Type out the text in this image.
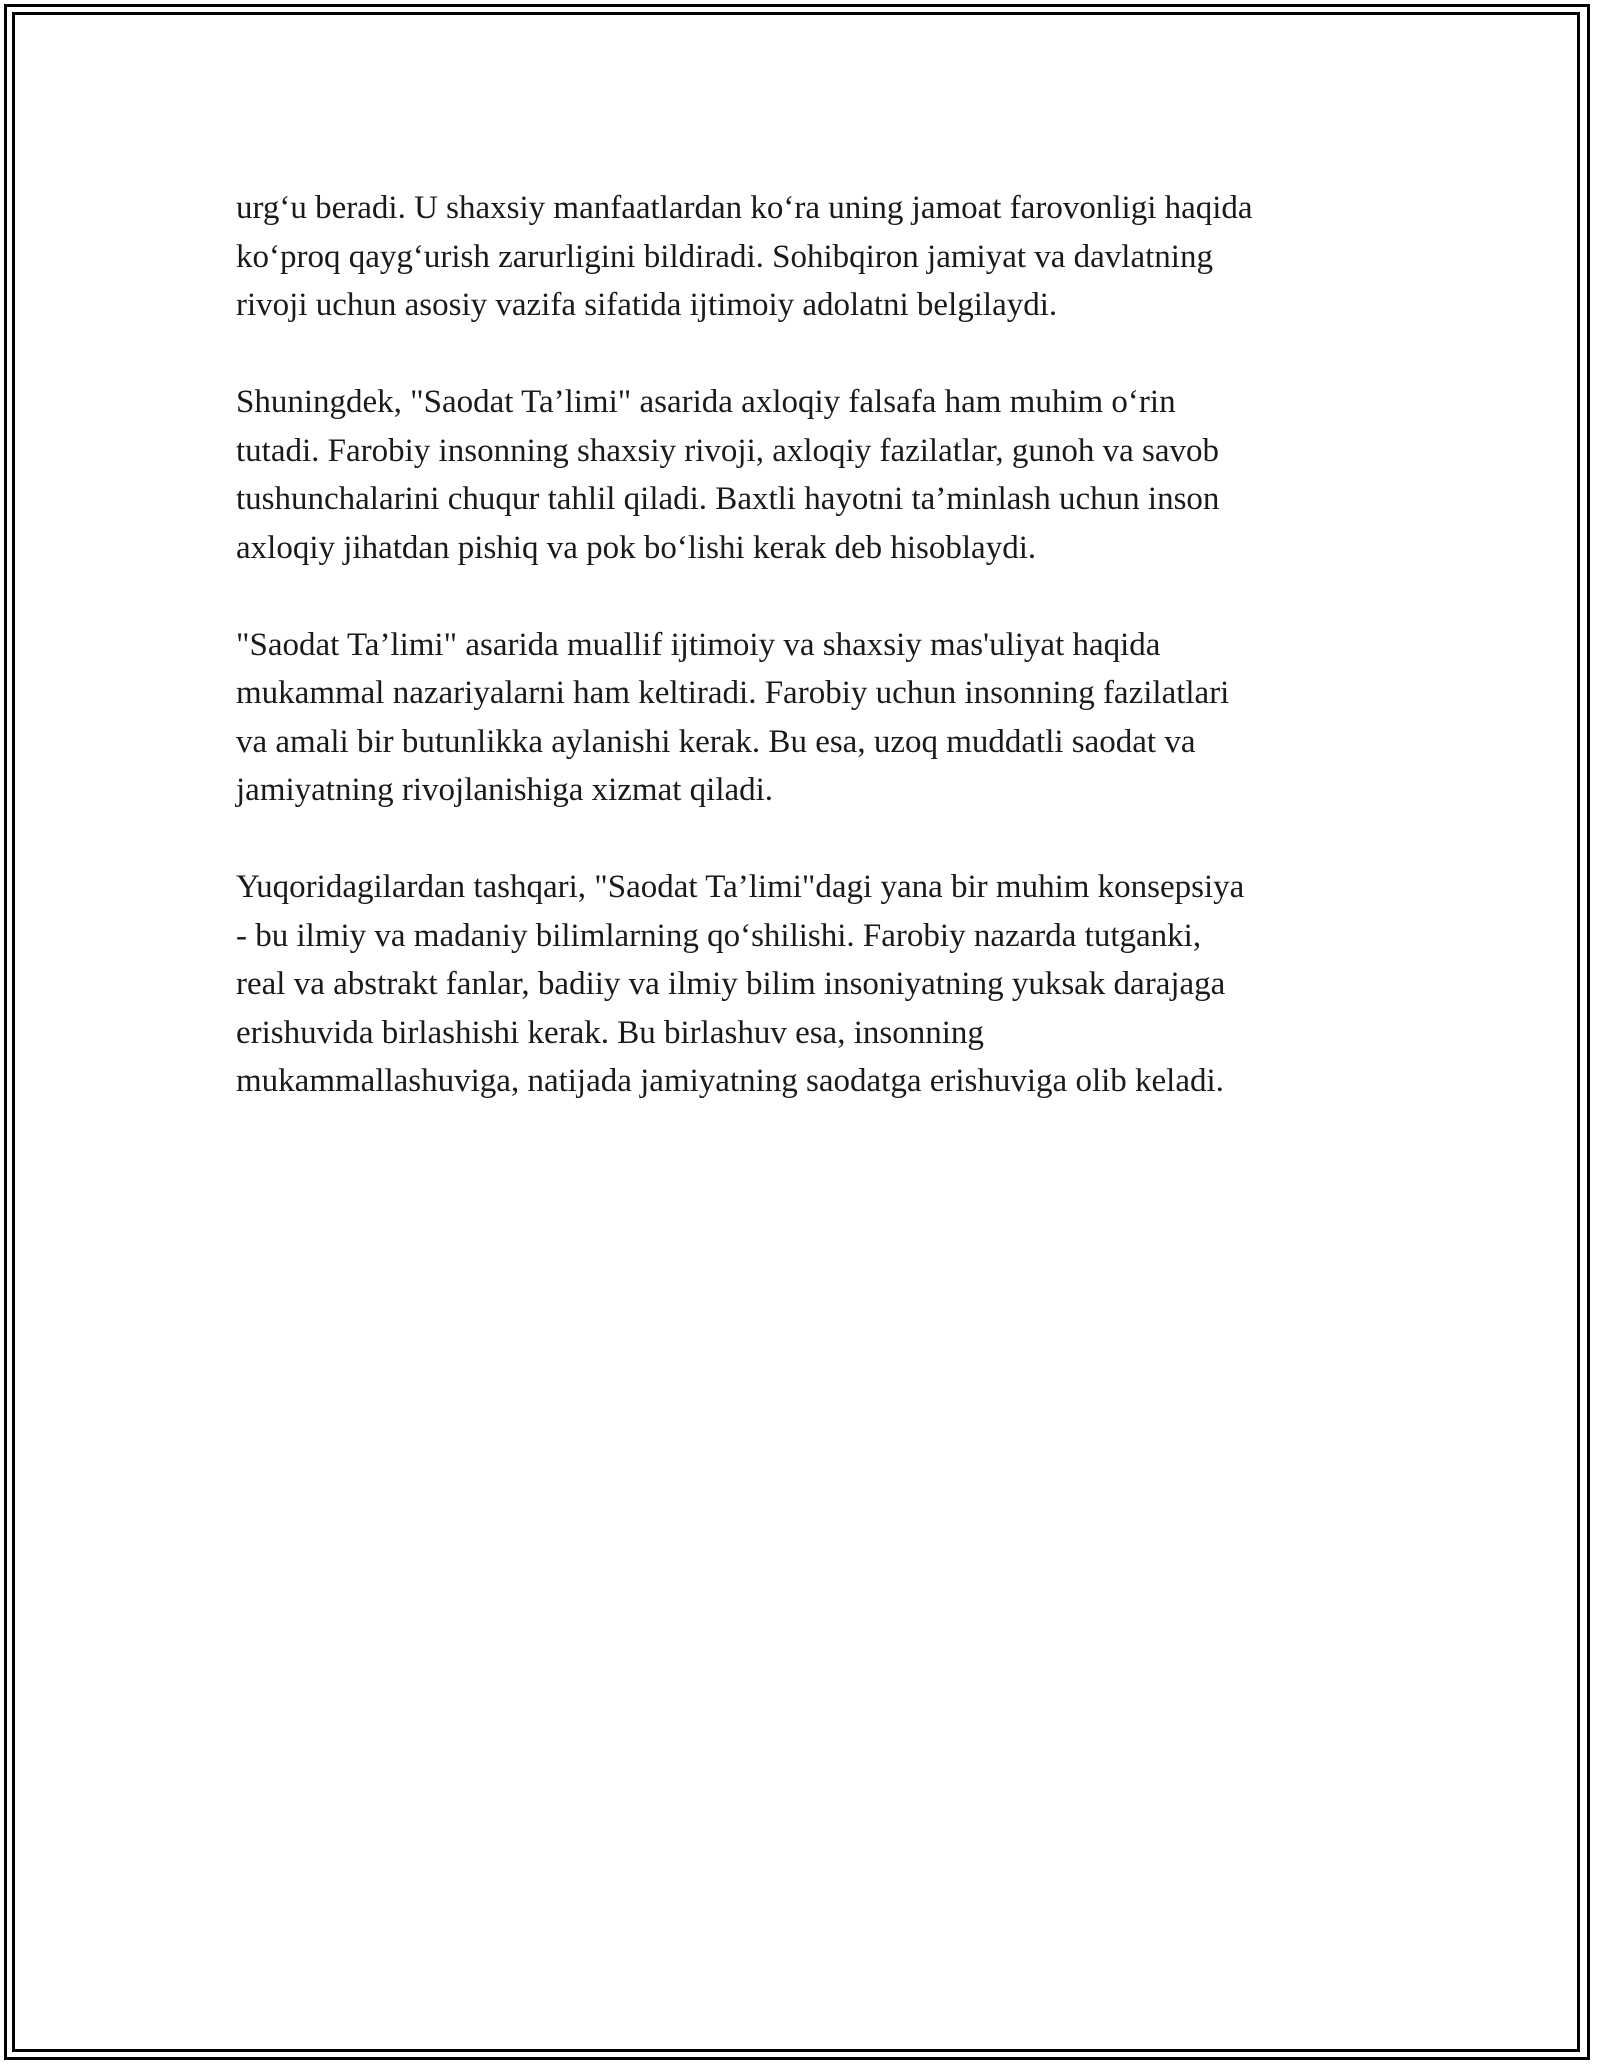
urg‘u beradi. U shaxsiy manfaatlardan ko‘ra uning jamoat farovonligi haqida
ko‘proq qayg‘urish zarurligini bildiradi. Sohibqiron jamiyat va davlatning
rivoji uchun asosiy vazifa sifatida ijtimoiy adolatni belgilaydi.

Shuningdek, "Saodat Ta’limi" asarida axloqiy falsafa ham muhim o‘rin
tutadi. Farobiy insonning shaxsiy rivoji, axloqiy fazilatlar, gunoh va savob
tushunchalarini chuqur tahlil qiladi. Baxtli hayotni ta’minlash uchun inson
axloqiy jihatdan pishiq va pok bo‘lishi kerak deb hisoblaydi.

"Saodat Ta’limi" asarida muallif ijtimoiy va shaxsiy mas'uliyat haqida
mukammal nazariyalarni ham keltiradi. Farobiy uchun insonning fazilatlari
va amali bir butunlikka aylanishi kerak. Bu esa, uzoq muddatli saodat va
jamiyatning rivojlanishiga xizmat qiladi.

Yuqoridagilardan tashqari, "Saodat Ta’limi"dagi yana bir muhim konsepsiya
- bu ilmiy va madaniy bilimlarning qo‘shilishi. Farobiy nazarda tutganki,
real va abstrakt fanlar, badiiy va ilmiy bilim insoniyatning yuksak darajaga
erishuvida birlashishi kerak. Bu birlashuv esa, insonning
mukammallashuviga, natijada jamiyatning saodatga erishuviga olib keladi.
